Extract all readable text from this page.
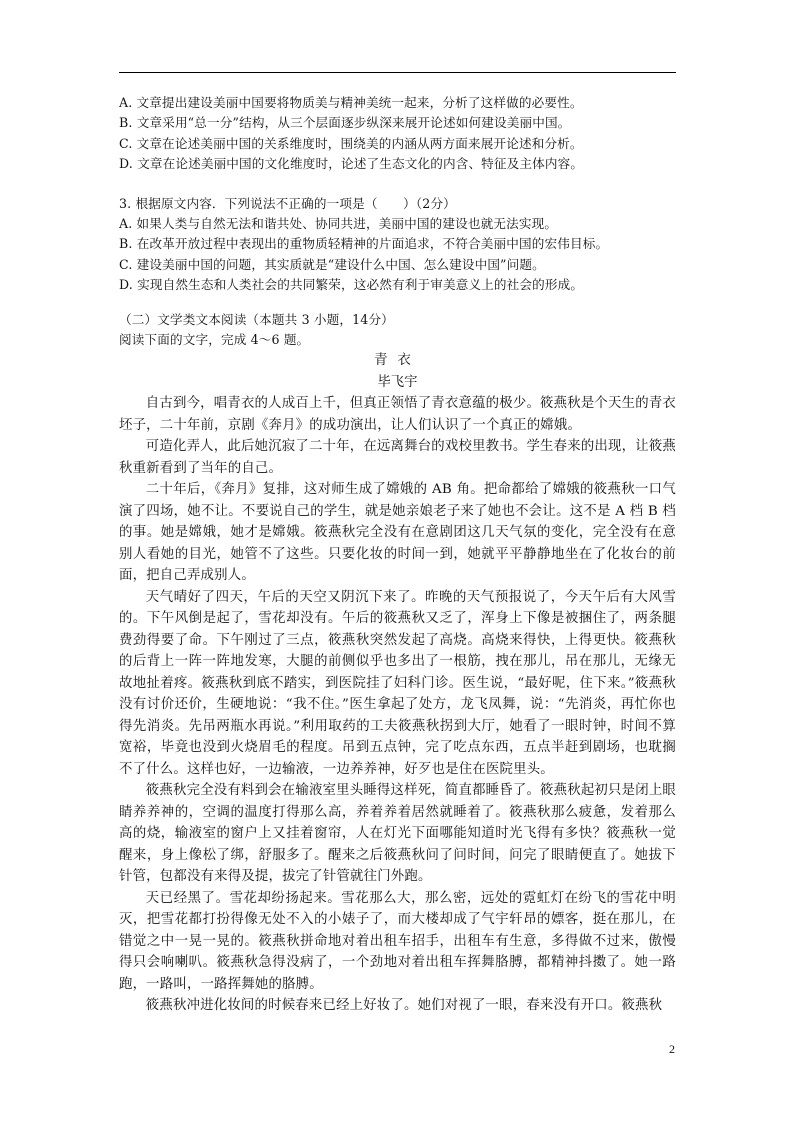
A. 文章提出建设美丽中国要将物质美与精神美统一起来，分析了这样做的必要性。
B. 文章采用“总一分”结构，从三个层面逐步纵深来展开论述如何建设美丽中国。
C. 文章在论述美丽中国的关系维度时，围绕美的内涵从两方面来展开论述和分析。
D. 文章在论述美丽中国的文化维度时，论述了生态文化的内含、特征及主体内容。
3. 根据原文内容．下列说法不正确的一项是（　　）（2分）
A. 如果人类与自然无法和谐共处、协同共进，美丽中国的建设也就无法实现。
B. 在改革开放过程中表现出的重物质轻精神的片面追求，不符合美丽中国的宏伟目标。
C. 建设美丽中国的问题，其实质就是“建设什么中国、怎么建设中国”问题。
D. 实现自然生态和人类社会的共同繁荣，这必然有利于审美意义上的社会的形成。
（二）文学类文本阅读（本题共 3 小题，14分）
阅读下面的文字，完成 4～6 题。
青衣
毕飞宇

自古到今，唱青衣的人成百上千，但真正领悟了青衣意蕴的极少。筱燕秋是个天生的青衣坯子，二十年前，京剧《奔月》的成功演出，让人们认识了一个真正的嫦娥。

可造化弄人，此后她沉寂了二十年，在远离舞台的戏校里教书。学生春来的出现，让筱燕秋重新看到了当年的自己。

二十年后，《奔月》复排，这对师生成了嫦娥的 AB 角。把命都给了嫦娥的筱燕秋一口气演了四场，她不让。不要说自己的学生，就是她亲娘老子来了她也不会让。这不是 A 档 B 档的事。她是嫦娥，她才是嫦娥。筱燕秋完全没有在意剧团这几天气氛的变化，完全没有在意别人看她的目光，她管不了这些。只要化妆的时间一到，她就平平静静地坐在了化妆台的前面，把自己弄成别人。

天气晴好了四天，午后的天空又阴沉下来了。昨晚的天气预报说了，今天午后有大风雪的。下午风倒是起了，雪花却没有。午后的筱燕秋又乏了，浑身上下像是被捆住了，两条腿费劲得要了命。下午刚过了三点，筱燕秋突然发起了高烧。高烧来得快，上得更快。筱燕秋的后背上一阵一阵地发寒，大腿的前侧似乎也多出了一根筋，拽在那儿，吊在那儿，无缘无故地扯着疼。筱燕秋到底不踏实，到医院挂了妇科门诊。医生说，“最好呢，住下来。”筱燕秋没有讨价还价，生硬地说：“我不住。”医生拿起了处方，龙飞凤舞，说：“先消炎，再忙你也得先消炎。先吊两瓶水再说。”利用取药的工夫筱燕秋拐到大厅，她看了一眼时钟，时间不算宽裕，毕竟也没到火烧眉毛的程度。吊到五点钟，完了吃点东西，五点半赶到剧场，也耽搁不了什么。这样也好，一边输液，一边养养神，好歹也是住在医院里头。

筱燕秋完全没有料到会在输液室里头睡得这样死，简直都睡昏了。筱燕秋起初只是闭上眼睛养养神的，空调的温度打得那么高，养着养着居然就睡着了。筱燕秋那么疲惫，发着那么高的烧，输液室的窗户上又挂着窗帘，人在灯光下面哪能知道时光飞得有多快？筱燕秋一觉醒来，身上像松了绑，舒服多了。醒来之后筱燕秋问了问时间，问完了眼睛便直了。她拔下针管，包都没有来得及提，拔完了针管就往门外跑。

天已经黑了。雪花却纷扬起来。雪花那么大，那么密，远处的霓虹灯在纷飞的雪花中明灭，把雪花都打扮得像无处不入的小婊子了，而大楼却成了气宇轩昂的嫖客，挺在那儿，在错觉之中一晃一晃的。筱燕秋拼命地对着出租车招手，出租车有生意，多得做不过来，傲慢得只会响喇叭。筱燕秋急得没病了，一个劲地对着出租车挥舞胳膊，都精神抖擞了。她一路跑，一路叫，一路挥舞她的胳膊。

筱燕秋冲进化妆间的时候春来已经上好妆了。她们对视了一眼，春来没有开口。筱燕秋

2
